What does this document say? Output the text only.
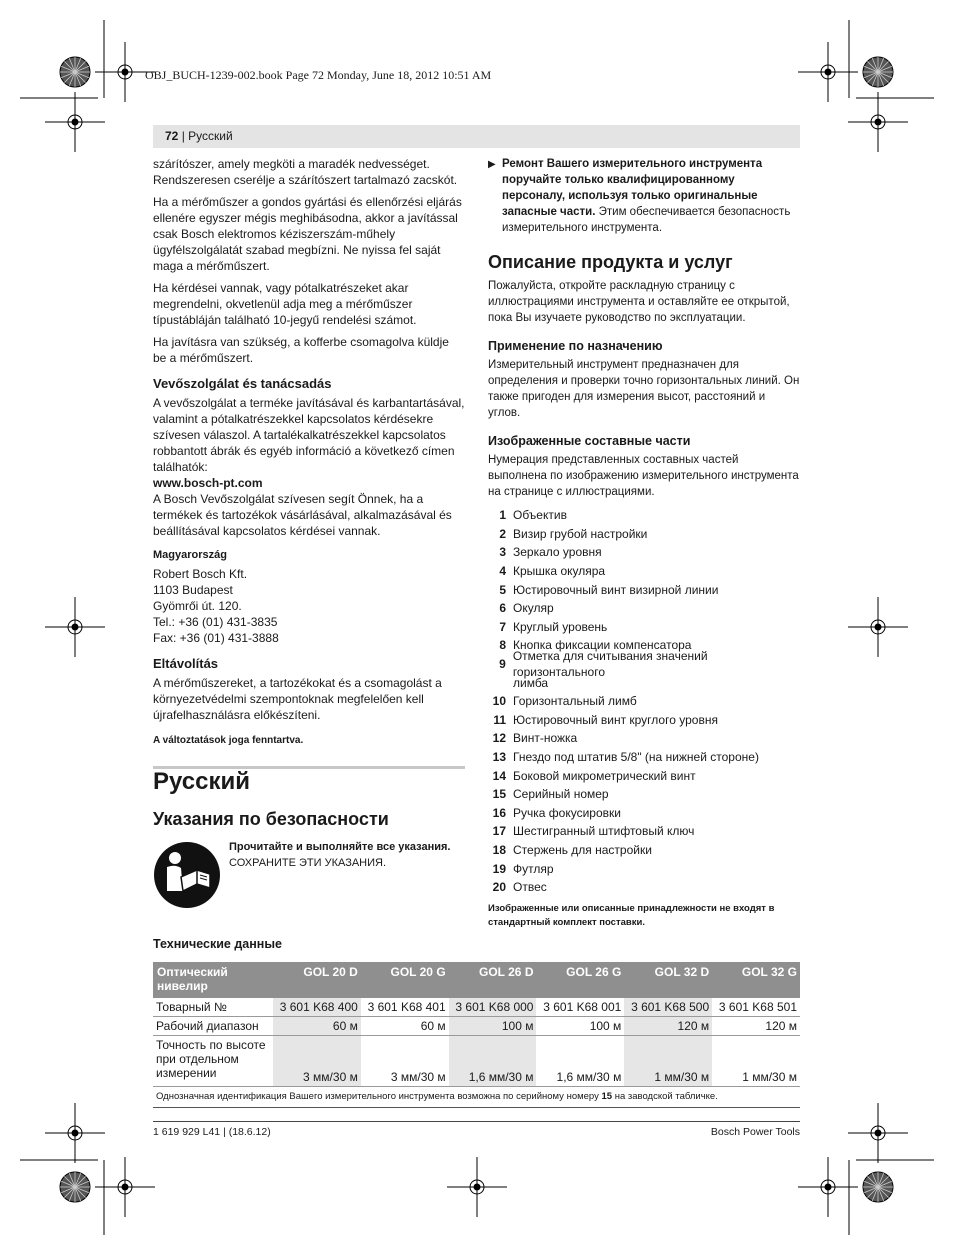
OBJ_BUCH-1239-002.book Page 72 Monday, June 18, 2012 10:51 AM
72 | Русский

szárítószer, amely megköti a maradék nedvességet. Rendszeresen cserélje a szárítószert tartalmazó zacskót.

Ha a mérőműszer a gondos gyártási és ellenőrzési eljárás ellenére egyszer mégis meghibásodna, akkor a javítással csak Bosch elektromos kéziszerszám-műhely ügyfélszolgálatát szabad megbízni. Ne nyissa fel saját maga a mérőműszert.

Ha kérdései vannak, vagy pótalkatrészeket akar megrendelni, okvetlenül adja meg a mérőműszer típustábláján található 10-jegyű rendelési számot.

Ha javításra van szükség, a kofferbe csomagolva küldje be a mérőműszert.

Vevőszolgálat és tanácsadás

A vevőszolgálat a terméke javításával és karbantartásával, valamint a pótalkatrészekkel kapcsolatos kérdésekre szívesen válaszol. A tartalékalkatrészekkel kapcsolatos robbantott ábrák és egyéb információ a következő címen találhatók:

www.bosch-pt.com

A Bosch Vevőszolgálat szívesen segít Önnek, ha a termékek és tartozékok vásárlásával, alkalmazásával és beállításával kapcsolatos kérdései vannak.

Magyarország
Robert Bosch Kft.
1103 Budapest
Gyömrői út. 120.
Tel.: +36 (01) 431-3835
Fax: +36 (01) 431-3888
Eltávolítás

A mérőműszereket, a tartozékokat és a csomagolást a környezetvédelmi szempontoknak megfelelően kell újrafelhasználásra előkészíteni.

A változtatások joga fenntartva.
Русский
Указания по безопасности
Прочитайте и выполняйте все указания.
СОХРАНИТЕ ЭТИ УКАЗАНИЯ.
▶ Ремонт Вашего измерительного инструмента поручайте только квалифицированному персоналу, используя только оригинальные запасные части. Этим обеспечивается безопасность измерительного инструмента.
Описание продукта и услуг

Пожалуйста, откройте раскладную страницу с иллюстрациями инструмента и оставляйте ее открытой, пока Вы изучаете руководство по эксплуатации.

Применение по назначению

Измерительный инструмент предназначен для определения и проверки точно горизонтальных линий. Он также пригоден для измерения высот, расстояний и углов.

Изображенные составные части

Нумерация представленных составных частей выполнена по изображению измерительного инструмента на странице с иллюстрациями.

1 Объектив
2 Визир грубой настройки
3 Зеркало уровня
4 Крышка окуляра
5 Юстировочный винт визирной линии
6 Окуляр
7 Круглый уровень
8 Кнопка фиксации компенсатора
9
Отметка для считывания значений горизонтального
лимба
10 Горизонтальный лимб
11 Юстировочный винт круглого уровня
12 Винт-ножка
13 Гнездо под штатив 5/8" (на нижней стороне)
14 Боковой микрометрический винт
15 Серийный номер
16 Ручка фокусировки
17 Шестигранный штифтовый ключ
18 Стержень для настройки
19 Футляр
20 Отвес
Изображенные или описанные принадлежности не входят в стандартный комплект поставки.
Технические данные
Оптический нивелир	GOL 20 D	GOL 20 G	GOL 26 D	GOL 26 G	GOL 32 D	GOL 32 G
Товарный №	3 601 K68 400	3 601 K68 401	3 601 K68 000	3 601 K68 001	3 601 K68 500	3 601 K68 501
Рабочий диапазон	60 м	60 м	100 м	100 м	120 м	120 м
Точность по высоте при отдельном измерении	3 мм/30 м	3 мм/30 м	1,6 мм/30 м	1,6 мм/30 м	1 мм/30 м	1 мм/30 м
Однозначная идентификация Вашего измерительного инструмента возможна по серийному номеру 15 на заводской табличке.						
1 619 929 L41 | (18.6.12)	Bosch Power Tools
